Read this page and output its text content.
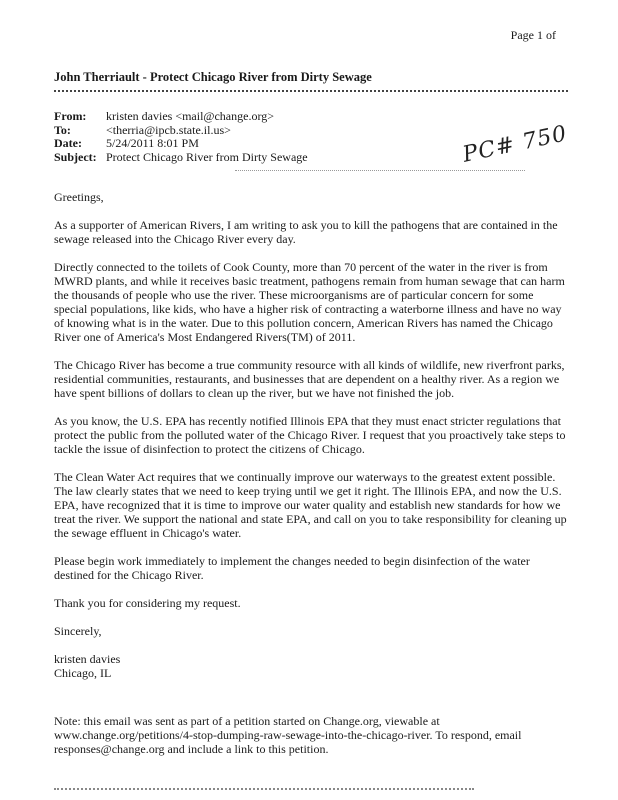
Page 1 of
John Therriault - Protect Chicago River from Dirty Sewage
From:	kristen davies <mail@change.org>
To:	<therria@ipcb.state.il.us>
Date:	5/24/2011 8:01 PM
Subject: Protect Chicago River from Dirty Sewage	PC# 750

Greetings,

As a supporter of American Rivers, I am writing to ask you to kill the pathogens that are contained in the sewage released into the Chicago River every day.

Directly connected to the toilets of Cook County, more than 70 percent of the water in the river is from MWRD plants, and while it receives basic treatment, pathogens remain from human sewage that can harm the thousands of people who use the river. These microorganisms are of particular concern for some special populations, like kids, who have a higher risk of contracting a waterborne illness and have no way of knowing what is in the water. Due to this pollution concern, American Rivers has named the Chicago River one of America's Most Endangered Rivers(TM) of 2011.

The Chicago River has become a true community resource with all kinds of wildlife, new riverfront parks, residential communities, restaurants, and businesses that are dependent on a healthy river. As a region we have spent billions of dollars to clean up the river, but we have not finished the job.

As you know, the U.S. EPA has recently notified Illinois EPA that they must enact stricter regulations that protect the public from the polluted water of the Chicago River. I request that you proactively take steps to tackle the issue of disinfection to protect the citizens of Chicago.

The Clean Water Act requires that we continually improve our waterways to the greatest extent possible. The law clearly states that we need to keep trying until we get it right. The Illinois EPA, and now the U.S. EPA, have recognized that it is time to improve our water quality and establish new standards for how we treat the river. We support the national and state EPA, and call on you to take responsibility for cleaning up the sewage effluent in Chicago's water.

Please begin work immediately to implement the changes needed to begin disinfection of the water destined for the Chicago River.

Thank you for considering my request.

Sincerely,

kristen davies
Chicago, IL

Note: this email was sent as part of a petition started on Change.org, viewable at www.change.org/petitions/4-stop-dumping-raw-sewage-into-the-chicago-river. To respond, email responses@change.org and include a link to this petition.
